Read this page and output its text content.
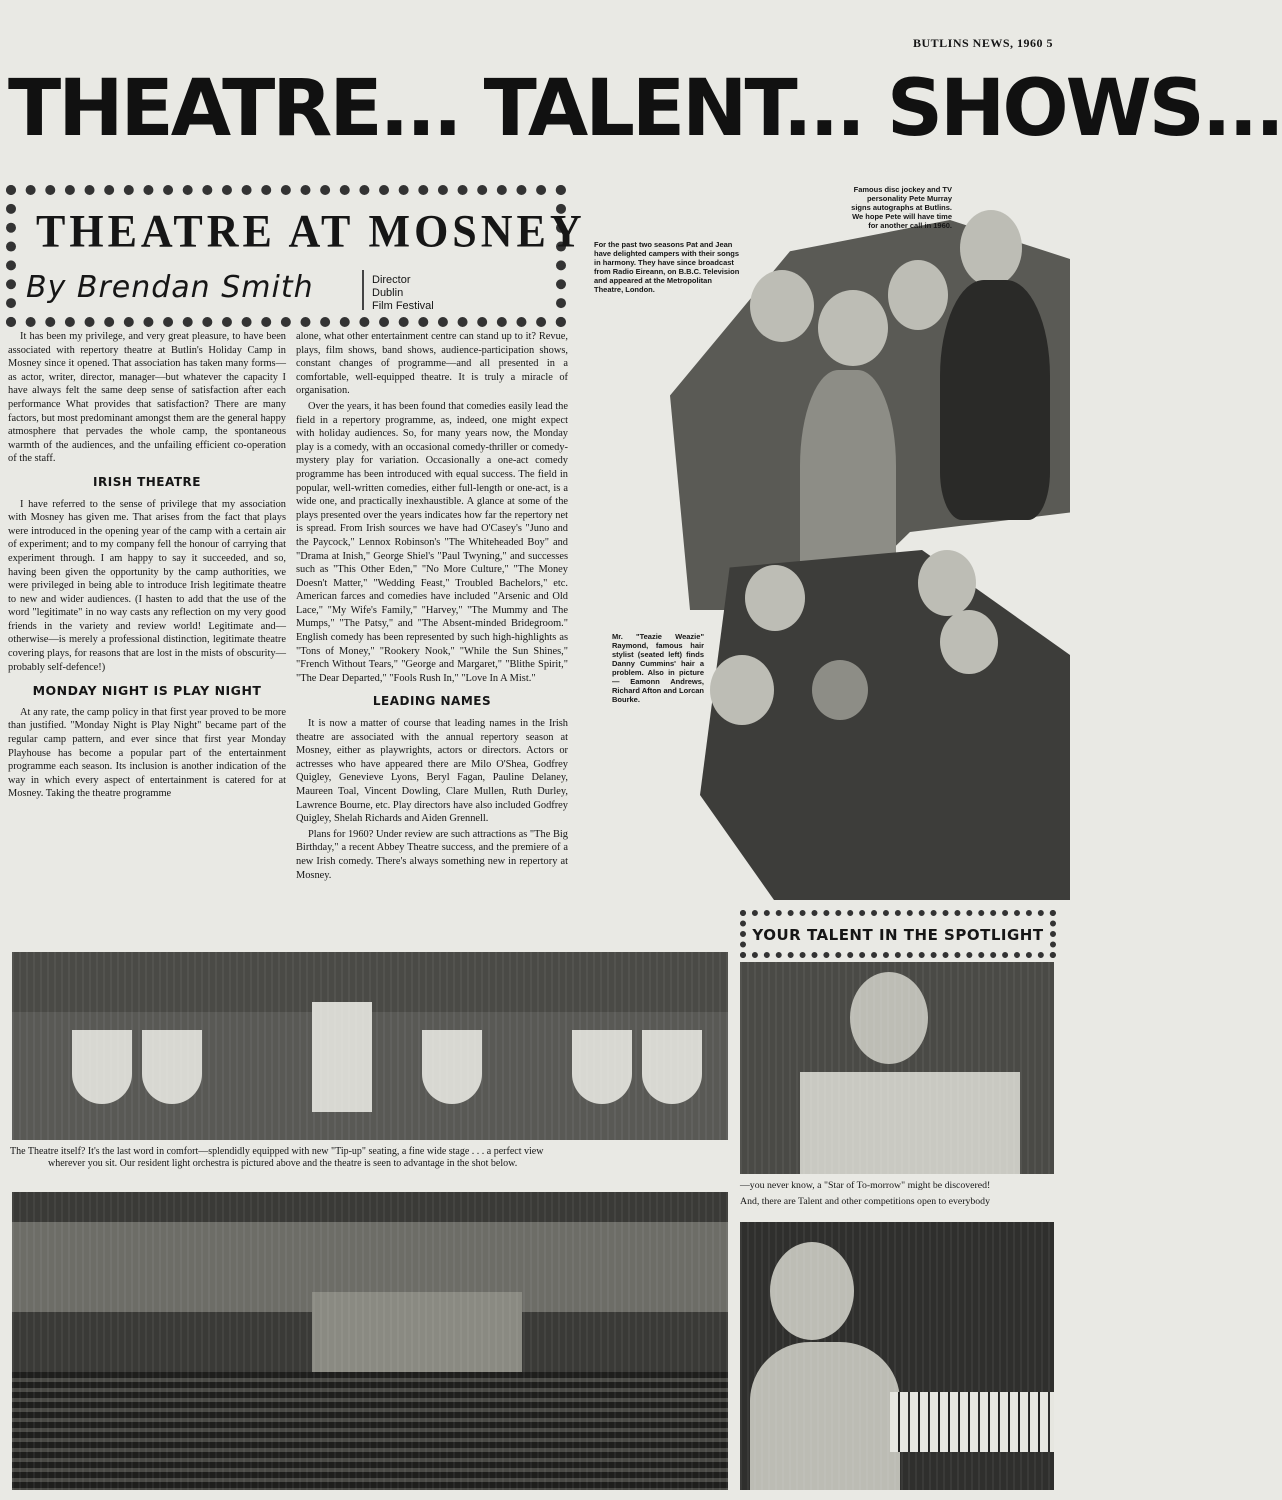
BUTLINS NEWS, 1960 5
THEATRE... TALENT... SHOWS...
THEATRE AT MOSNEY
By Brendan Smith	Director
Dublin
Film Festival

It has been my privilege, and very great pleasure, to have been associated with repertory theatre at Butlin's Holiday Camp in Mosney since it opened. That association has taken many forms—as actor, writer, director, manager—but whatever the capacity I have always felt the same deep sense of satisfaction after each performance What provides that satisfaction? There are many factors, but most predominant amongst them are the general happy atmosphere that pervades the whole camp, the spontaneous warmth of the audiences, and the unfailing efficient co-operation of the staff.

IRISH THEATRE

I have referred to the sense of privilege that my association with Mosney has given me. That arises from the fact that plays were introduced in the opening year of the camp with a certain air of experiment; and to my company fell the honour of carrying that experiment through. I am happy to say it succeeded, and so, having been given the opportunity by the camp authorities, we were privileged in being able to introduce Irish legitimate theatre to new and wider audiences. (I hasten to add that the use of the word "legitimate" in no way casts any reflection on my very good friends in the variety and review world! Legitimate and—otherwise—is merely a professional distinction, legitimate theatre covering plays, for reasons that are lost in the mists of obscurity—probably self-defence!)

MONDAY NIGHT IS PLAY NIGHT

At any rate, the camp policy in that first year proved to be more than justified. "Monday Night is Play Night" became part of the regular camp pattern, and ever since that first year Monday Playhouse has become a popular part of the entertainment programme each season. Its inclusion is another indication of the way in which every aspect of entertainment is catered for at Mosney. Taking the theatre programme

alone, what other entertainment centre can stand up to it? Revue, plays, film shows, band shows, audience-participation shows, constant changes of programme—and all presented in a comfortable, well-equipped theatre. It is truly a miracle of organisation.

Over the years, it has been found that comedies easily lead the field in a repertory programme, as, indeed, one might expect with holiday audiences. So, for many years now, the Monday play is a comedy, with an occasional comedy-thriller or comedy-mystery play for variation. Occasionally a one-act comedy programme has been introduced with equal success. The field in popular, well-written comedies, either full-length or one-act, is a wide one, and practically inexhaustible. A glance at some of the plays presented over the years indicates how far the repertory net is spread. From Irish sources we have had O'Casey's "Juno and the Paycock," Lennox Robinson's "The Whiteheaded Boy" and "Drama at Inish," George Shiel's "Paul Twyning," and successes such as "This Other Eden," "No More Culture," "The Money Doesn't Matter," "Wedding Feast," Troubled Bachelors," etc. American farces and comedies have included "Arsenic and Old Lace," "My Wife's Family," "Harvey," "The Mummy and The Mumps," "The Patsy," and "The Absent-minded Bridegroom." English comedy has been represented by such high-highlights as "Tons of Money," "Rookery Nook," "While the Sun Shines," "French Without Tears," "George and Margaret," "Blithe Spirit," "The Dear Departed," "Fools Rush In," "Love In A Mist."

LEADING NAMES

It is now a matter of course that leading names in the Irish theatre are associated with the annual repertory season at Mosney, either as playwrights, actors or directors. Actors or actresses who have appeared there are Milo O'Shea, Godfrey Quigley, Genevieve Lyons, Beryl Fagan, Pauline Delaney, Maureen Toal, Vincent Dowling, Clare Mullen, Ruth Durley, Lawrence Bourne, etc. Play directors have also included Godfrey Quigley, Shelah Richards and Aiden Grennell.

Plans for 1960? Under review are such attractions as "The Big Birthday," a recent Abbey Theatre success, and the premiere of a new Irish comedy. There's always something new in repertory at Mosney.

Famous disc jockey and TV personality Pete Murray signs autographs at Butlins. We hope Pete will have time for another call in 1960.
For the past two seasons Pat and Jean have delighted campers with their songs in harmony. They have since broadcast from Radio Eireann, on B.B.C. Television and appeared at the Metropolitan Theatre, London.
Mr. "Teazie Weazie" Raymond, famous hair stylist (seated left) finds Danny Cummins' hair a problem. Also in picture — Eamonn Andrews, Richard Afton and Lorcan Bourke.
YOUR TALENT IN THE SPOTLIGHT
The Theatre itself? It's the last word in comfort—splendidly equipped with new "Tip-up" seating, a fine wide stage . . . a perfect view
wherever you sit. Our resident light orchestra is pictured above and the theatre is seen to advantage in the shot below.
—you never know, a "Star of To-morrow" might be discovered!
And, there are Talent and other competitions open to everybody
